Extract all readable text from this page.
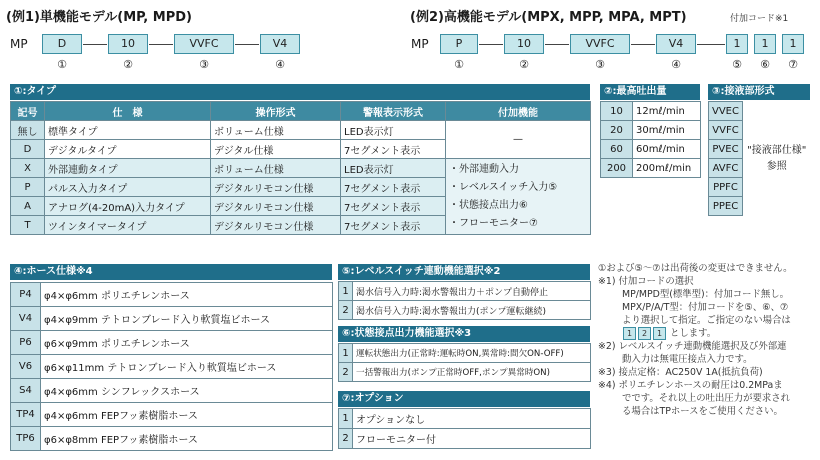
(例1)単機能モデル(MP, MPD)
MP	D	10	VVFC	V4
①	②	③	④
(例2)高機能モデル(MPX, MPP, MPA, MPT)	付加コード※1
MP	P	10	VVFC	V4	1	1	1
①	②	③	④	⑤	⑥	⑦
①:タイプ
記号	仕　様	操作形式	警報表示形式	付加機能
無し	標準タイプ	ボリューム仕様	LED表示灯	—
D	デジタルタイプ	デジタル仕様	7セグメント表示	
X	外部連動タイプ	ボリューム仕様	LED表示灯	・外部連動入力
・レベルスイッチ入力⑤
・状態接点出力⑥
・フローモニター⑦

P	パルス入力タイプ	デジタルリモコン仕様	7セグメント表示	
A	アナログ(4-20mA)入力タイプ	デジタルリモコン仕様	7セグメント表示	
T	ツインタイマータイプ	デジタルリモコン仕様	7セグメント表示	
②:最高吐出量
10	12mℓ/min
20	30mℓ/min
60	60mℓ/min
200	200mℓ/min
③:接液部形式
VVEC	
"接液部仕様"
参照

VVFC
PVEC
AVFC
PPFC
PPEC
④:ホース仕様※4
P4	φ4×φ6mm ポリエチレンホース
V4	φ4×φ9mm テトロンブレード入り軟質塩ビホース
P6	φ6×φ9mm ポリエチレンホース
V6	φ6×φ11mm テトロンブレード入り軟質塩ビホース
S4	φ4×φ6mm シンフレックスホース
TP4	φ4×φ6mm FEPフッ素樹脂ホース
TP6	φ6×φ8mm FEPフッ素樹脂ホース
⑤:レベルスイッチ連動機能選択※2
1	渇水信号入力時:渇水警報出力＋ポンプ自動停止
2	渇水信号入力時:渇水警報出力(ポンプ運転継続)
⑥:状態接点出力機能選択※3
1	運転状態出力(正常時:運転時ON,異常時:間欠ON-OFF)
2	一括警報出力(ポンプ正常時OFF,ポンプ異常時ON)
⑦:オプション
1	オプションなし
2	フローモニター付
①および⑤〜⑦は出荷後の変更はできません。
※1) 付加コードの選択
MP/MPD型(標準型)：付加コード無し。
MPX/P/A/T型：付加コードを⑤、⑥、⑦
より選択して指定。ご指定のない場合は
1 2 1 とします。
※2) レベルスイッチ連動機能選択及び外部連
動入力は無電圧接点入力です。
※3) 接点定格：AC250V 1A(抵抗負荷)
※4) ポリエチレンホースの耐圧は0.2MPaま
でです。それ以上の吐出圧力が要求され
る場合はTPホースをご使用ください。
